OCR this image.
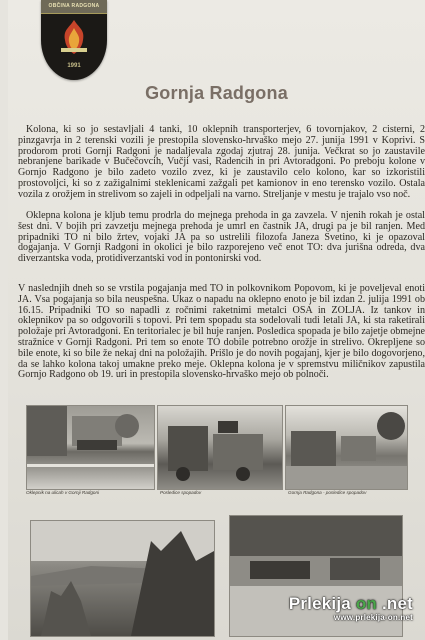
OBČINA RADGONA
1991
Gornja Radgona

Kolona, ki so jo sestavljali 4 tanki, 10 oklepnih transporterjev, 6 tovornjakov, 2 cisterni, 2 pinzgavrja in 2 terenski vozili je prestopila slovensko-hrvaško mejo 27. junija 1991 v Koprivi. S prodorom proti Gornji Radgoni je nadaljevala zgodaj zjutraj 28. junija. Večkrat so jo zaustavile nebranjene barikade v Bučečovcih, Vučji vasi, Radencih in pri Avtoradgoni. Po preboju kolone v Gornjo Radgono je bilo zadeto vozilo zvez, ki je zaustavilo celo kolono, kar so izkoristili prostovoljci, ki so z zažigalnimi steklenicami zažgali pet kamionov in eno terensko vozilo. Ostala vozila z orožjem in strelivom so zajeli in odpeljali na varno. Streljanje v mestu je trajalo vso noč.

Oklepna kolona je kljub temu prodrla do mejnega prehoda in ga zavzela. V njenih rokah je ostal šest dni. V bojih pri zavzetju mejnega prehoda je umrl en častnik JA, drugi pa je bil ranjen. Med pripadniki TO ni bilo žrtev, vojaki JA pa so ustrelili filozofa Janeza Svetino, ki je opazoval dogajanja. V Gornji Radgoni in okolici je bilo razporejeno več enot TO: dva jurišna odreda, dva diverzantska voda, protidiverzantski vod in pontonirski vod.

V naslednjih dneh so se vrstila pogajanja med TO in polkovnikom Popovom, ki je poveljeval enoti JA. Vsa pogajanja so bila neuspešna. Ukaz o napadu na oklepno enoto je bil izdan 2. julija 1991 ob 16.15. Pripadniki TO so napadli z ročnimi raketnimi metalci OSA in ZOLJA. Iz tankov in oklepnikov pa so odgovorili s topovi. Pri tem spopadu sta sodelovali tudi letali JA, ki sta raketirali položaje pri Avtoradgoni. En teritorialec je bil huje ranjen. Posledica spopada je bilo zajetje obmejne stražnice v Gornji Radgoni. Pri tem so enote TO dobile potrebno orožje in strelivo. Okrepljene so bile enote, ki so bile že nekaj dni na položajih. Prišlo je do novih pogajanj, kjer je bilo dogovorjeno, da se lahko kolona takoj umakne preko meje. Oklepna kolona je v spremstvu miličnikov zapustila Gornjo Radgono ob 19. uri in prestopila slovensko-hrvaško mejo ob polnoči.

Oklepnik na ulicah v Gornji Radgoni	Posledice spopadov	Gornja Radgona - posledice spopadov
Prlekija on .net
www.prlekija-on.net
